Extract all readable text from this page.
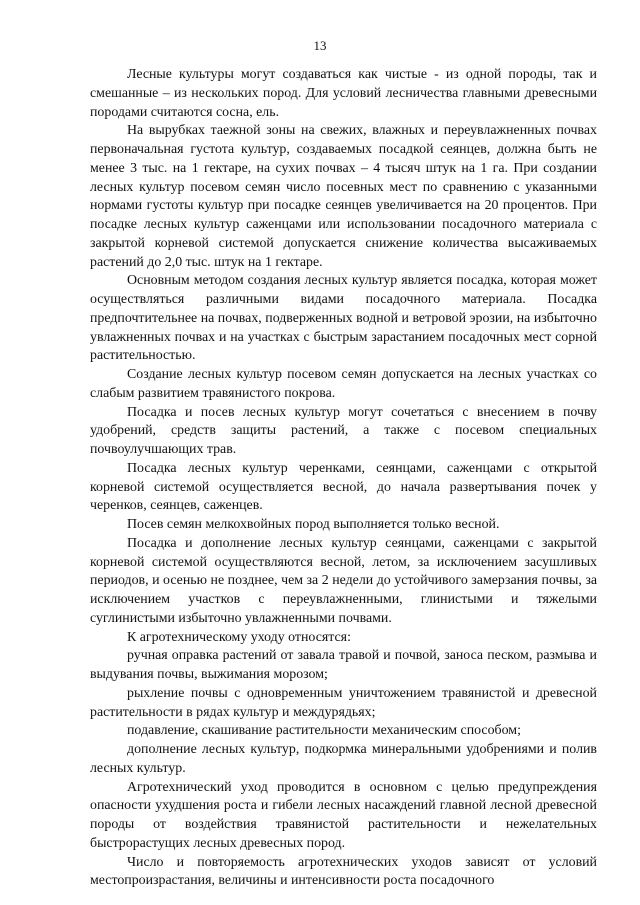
13

Лесные культуры могут создаваться как чистые - из одной породы, так и смешанные – из нескольких пород. Для условий лесничества главными древесными породами считаются сосна, ель.

На вырубках таежной зоны на свежих, влажных и переувлажненных почвах первоначальная густота культур, создаваемых посадкой сеянцев, должна быть не менее 3 тыс. на 1 гектаре, на сухих почвах – 4 тысяч штук на 1 га. При создании лесных культур посевом семян число посевных мест по сравнению с указанными нормами густоты культур при посадке сеянцев увеличивается на 20 процентов. При посадке лесных культур саженцами или использовании посадочного материала с закрытой корневой системой допускается снижение количества высаживаемых растений до 2,0 тыс. штук на 1 гектаре.

Основным методом создания лесных культур является посадка, которая может осуществляться различными видами посадочного материала. Посадка предпочтительнее на почвах, подверженных водной и ветровой эрозии, на избыточно увлажненных почвах и на участках с быстрым зарастанием посадочных мест сорной растительностью.

Создание лесных культур посевом семян допускается на лесных участках со слабым развитием травянистого покрова.

Посадка и посев лесных культур могут сочетаться с внесением в почву удобрений, средств защиты растений, а также с посевом специальных почвоулучшающих трав.

Посадка лесных культур черенками, сеянцами, саженцами с открытой корневой системой осуществляется весной, до начала развертывания почек у черенков, сеянцев, саженцев.

Посев семян мелкохвойных пород выполняется только весной.

Посадка и дополнение лесных культур сеянцами, саженцами с закрытой корневой системой осуществляются весной, летом, за исключением засушливых периодов, и осенью не позднее, чем за 2 недели до устойчивого замерзания почвы, за исключением участков с переувлажненными, глинистыми и тяжелыми суглинистыми избыточно увлажненными почвами.

К агротехническому уходу относятся:

ручная оправка растений от завала травой и почвой, заноса песком, размыва и выдувания почвы, выжимания морозом;

рыхление почвы с одновременным уничтожением травянистой и древесной растительности в рядах культур и междурядьях;

подавление, скашивание растительности механическим способом;

дополнение лесных культур, подкормка минеральными удобрениями и полив лесных культур.

Агротехнический уход проводится в основном с целью предупреждения опасности ухудшения роста и гибели лесных насаждений главной лесной древесной породы от воздействия травянистой растительности и нежелательных быстрорастущих лесных древесных пород.

Число и повторяемость агротехнических уходов зависят от условий местопроизрастания, величины и интенсивности роста посадочного
